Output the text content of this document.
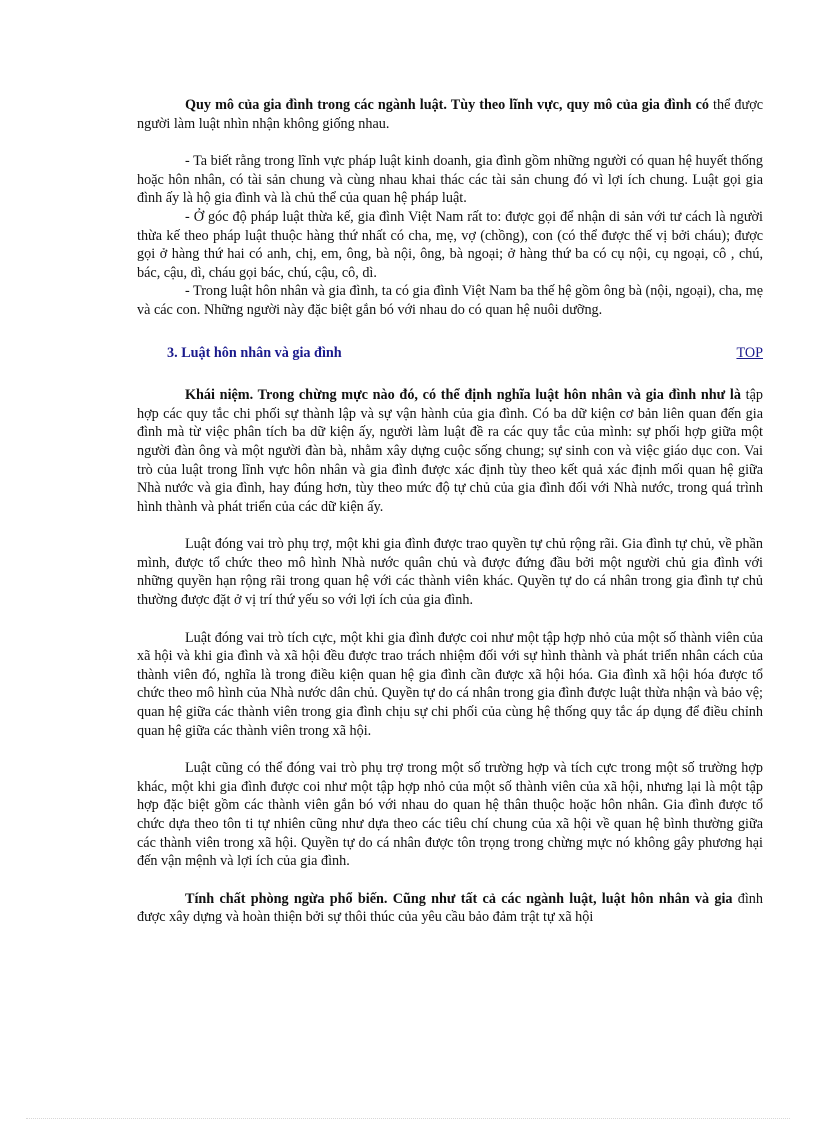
Quy mô của gia đình trong các ngành luật. Tùy theo lĩnh vực, quy mô của gia đình có thể được người làm luật nhìn nhận không giống nhau.

- Ta biết rằng trong lĩnh vực pháp luật kinh doanh, gia đình gồm những người có quan hệ huyết thống hoặc hôn nhân, có tài sản chung và cùng nhau khai thác các tài sản chung đó vì lợi ích chung. Luật gọi gia đình ấy là hộ gia đình và là chủ thể của quan hệ pháp luật.

- Ở góc độ pháp luật thừa kế, gia đình Việt Nam rất to: được gọi để nhận di sản với tư cách là người thừa kế theo pháp luật thuộc hàng thứ nhất có cha, mẹ, vợ (chồng), con (có thể được thế vị bởi cháu); được gọi ở hàng thứ hai có anh, chị, em, ông, bà nội, ông, bà ngoại; ở hàng thứ ba có cụ nội, cụ ngoại, cô , chú, bác, cậu, dì, cháu gọi bác, chú, cậu, cô, dì.

- Trong luật hôn nhân và gia đình, ta có gia đình Việt Nam ba thế hệ gồm ông bà (nội, ngoại), cha, mẹ và các con. Những người này đặc biệt gắn bó với nhau do có quan hệ nuôi dưỡng.

3. Luật hôn nhân và gia đình	TOP

Khái niệm. Trong chừng mực nào đó, có thể định nghĩa luật hôn nhân và gia đình như là tập hợp các quy tắc chi phối sự thành lập và sự vận hành của gia đình. Có ba dữ kiện cơ bản liên quan đến gia đình mà từ việc phân tích ba dữ kiện ấy, người làm luật đề ra các quy tắc của mình: sự phối hợp giữa một người đàn ông và một người đàn bà, nhằm xây dựng cuộc sống chung; sự sinh con và việc giáo dục con. Vai trò của luật trong lĩnh vực hôn nhân và gia đình được xác định tùy theo kết quả xác định mối quan hệ giữa Nhà nước và gia đình, hay đúng hơn, tùy theo mức độ tự chủ của gia đình đối với Nhà nước, trong quá trình hình thành và phát triển của các dữ kiện ấy.

Luật đóng vai trò phụ trợ, một khi gia đình được trao quyền tự chủ rộng rãi. Gia đình tự chủ, về phần mình, được tổ chức theo mô hình Nhà nước quân chủ và được đứng đầu bởi một người chủ gia đình với những quyền hạn rộng rãi trong quan hệ với các thành viên khác. Quyền tự do cá nhân trong gia đình tự chủ thường được đặt ở vị trí thứ yếu so với lợi ích của gia đình.

Luật đóng vai trò tích cực, một khi gia đình được coi như một tập hợp nhỏ của một số thành viên của xã hội và khi gia đình và xã hội đều được trao trách nhiệm đối với sự hình thành và phát triển nhân cách của thành viên đó, nghĩa là trong điều kiện quan hệ gia đình cần được xã hội hóa. Gia đình xã hội hóa được tổ chức theo mô hình của Nhà nước dân chủ. Quyền tự do cá nhân trong gia đình được luật thừa nhận và bảo vệ; quan hệ giữa các thành viên trong gia đình chịu sự chi phối của cùng hệ thống quy tắc áp dụng để điều chỉnh quan hệ giữa các thành viên trong xã hội.

Luật cũng có thể đóng vai trò phụ trợ trong một số trường hợp và tích cực trong một số trường hợp khác, một khi gia đình được coi như một tập hợp nhỏ của một số thành viên của xã hội, nhưng lại là một tập hợp đặc biệt gồm các thành viên gắn bó với nhau do quan hệ thân thuộc hoặc hôn nhân. Gia đình được tổ chức dựa theo tôn ti tự nhiên cũng như dựa theo các tiêu chí chung của xã hội về quan hệ bình thường giữa các thành viên trong xã hội. Quyền tự do cá nhân được tôn trọng trong chừng mực nó không gây phương hại đến vận mệnh và lợi ích của gia đình.

Tính chất phòng ngừa phổ biến. Cũng như tất cả các ngành luật, luật hôn nhân và gia đình được xây dựng và hoàn thiện bởi sự thôi thúc của yêu cầu bảo đảm trật tự xã hội
